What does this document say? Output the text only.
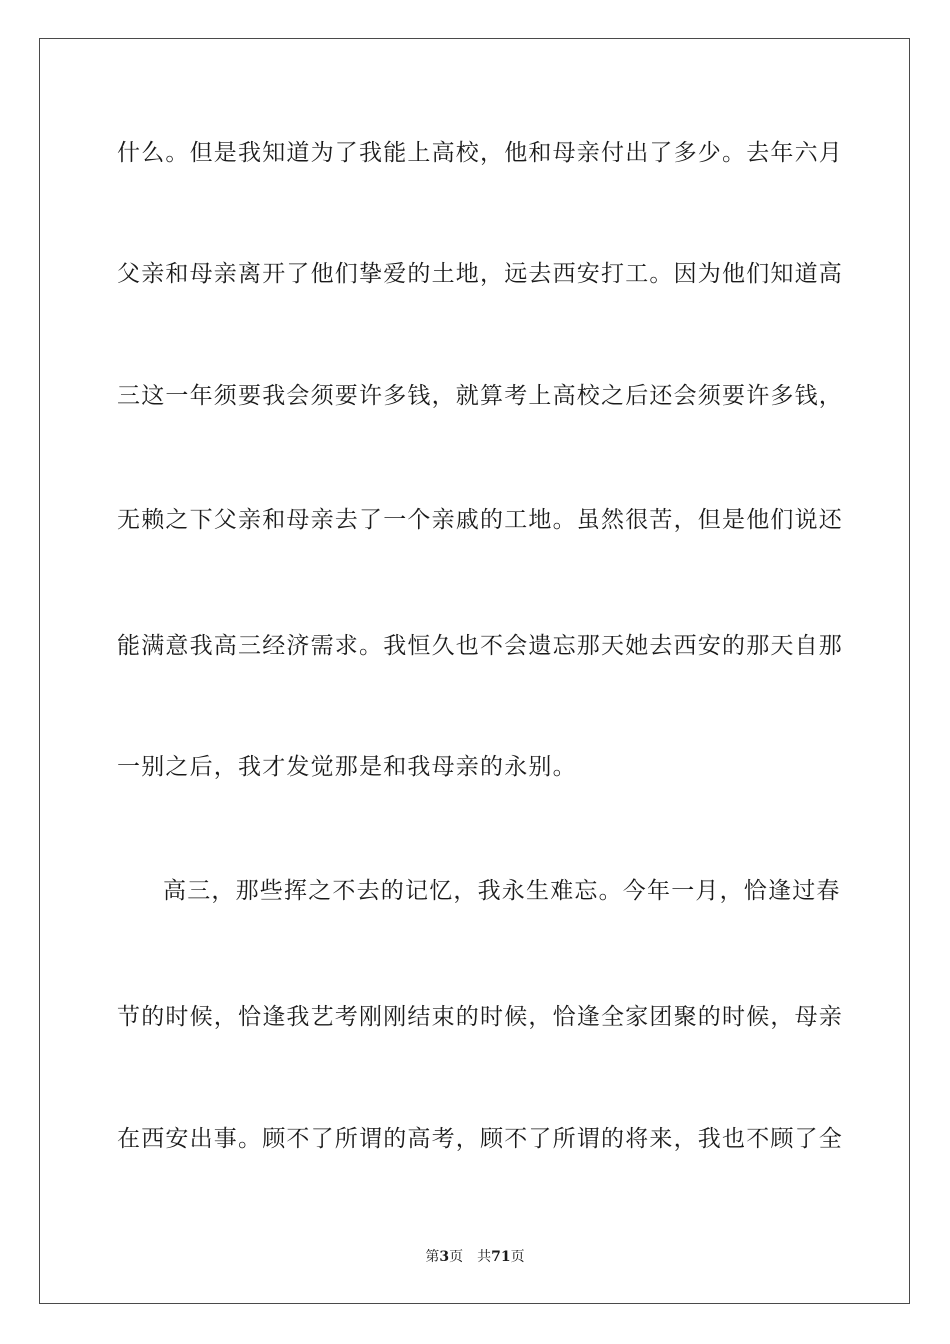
什么。但是我知道为了我能上高校，他和母亲付出了多少。去年六月
父亲和母亲离开了他们挚爱的土地，远去西安打工。因为他们知道高
三这一年须要我会须要许多钱，就算考上高校之后还会须要许多钱，
无赖之下父亲和母亲去了一个亲戚的工地。虽然很苦，但是他们说还
能满意我高三经济需求。我恒久也不会遗忘那天她去西安的那天自那
一别之后，我才发觉那是和我母亲的永别。
高三，那些挥之不去的记忆，我永生难忘。今年一月，恰逢过春
节的时候，恰逢我艺考刚刚结束的时候，恰逢全家团聚的时候，母亲
在西安出事。顾不了所谓的高考，顾不了所谓的将来，我也不顾了全
第3页 共71页
